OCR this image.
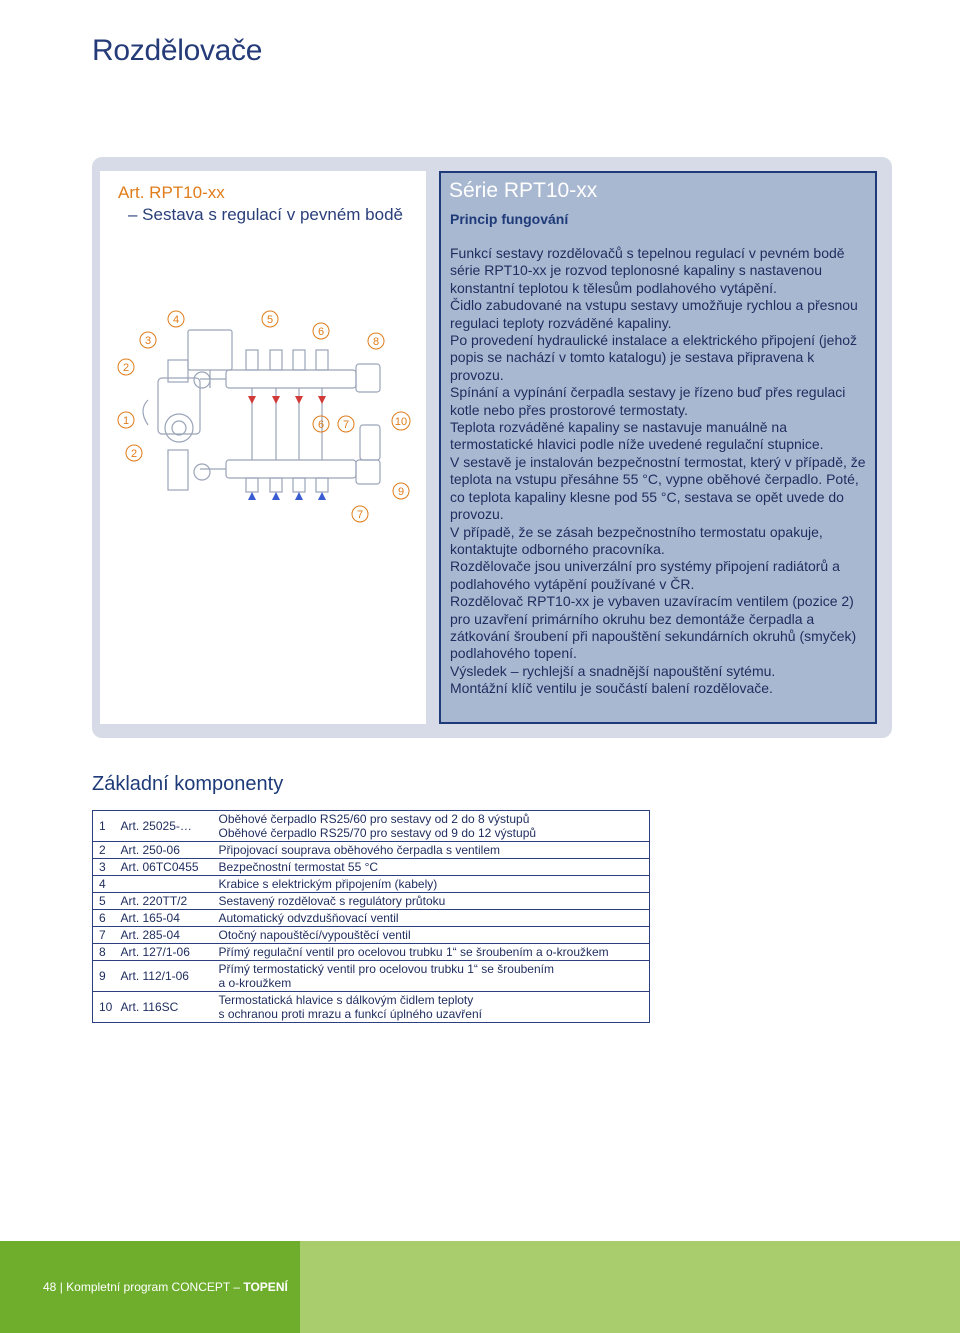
Rozdělovače
Art. RPT10-xx
– Sestava s regulací v pevném bodě
1
2
2
3
4	5
6
6 7
7
8
9
10
Série RPT10-xx
Princip fungování

Funkcí sestavy rozdělovačů s tepelnou regulací v pevném bodě série RPT10-xx je rozvod teplonosné kapaliny s nastavenou konstantní teplotou k tělesům podlahového vytápění.

Čidlo zabudované na vstupu sestavy umožňuje rychlou a přesnou regulaci teploty rozváděné kapaliny.

Po provedení hydraulické instalace a elektrického připojení (jehož popis se nachází v tomto katalogu) je sestava připravena k provozu.

Spínání a vypínání čerpadla sestavy je řízeno buď přes regulaci kotle nebo přes prostorové termostaty.

Teplota rozváděné kapaliny se nastavuje manuálně na termostatické hlavici podle níže uvedené regulační stupnice.

V sestavě je instalován bezpečnostní termostat, který v případě, že teplota na vstupu přesáhne 55 °C, vypne oběhové čerpadlo. Poté, co teplota kapaliny klesne pod 55 °C, sestava se opět uvede do provozu.

V případě, že se zásah bezpečnostního termostatu opakuje, kontaktujte odborného pracovníka.

Rozdělovače jsou univerzální pro systémy připojení radiátorů a podlahového vytápění používané v ČR.

Rozdělovač RPT10-xx je vybaven uzavíracím ventilem (pozice 2) pro uzavření primárního okruhu bez demontáže čerpadla a zátkování šroubení při napouštění sekundárních okruhů (smyček) podlahového topení.

Výsledek – rychlejší a snadnější napouštění sytému.

Montážní klíč ventilu je součástí balení rozdělovače.

Základní komponenty
1	Art. 25025-…	Oběhové čerpadlo RS25/60 pro sestavy od 2 do 8 výstupů
Oběhové čerpadlo RS25/70 pro sestavy od 9 do 12 výstupů

2	Art. 250-06	Připojovací souprava oběhového čerpadla s ventilem
3	Art. 06TC0455	Bezpečnostní termostat 55 °C
4		Krabice s elektrickým připojením (kabely)
5	Art. 220TT/2	Sestavený rozdělovač s regulátory průtoku
6	Art. 165-04	Automatický odvzdušňovací ventil
7	Art. 285-04	Otočný napouštěcí/vypouštěcí ventil
8	Art. 127/1-06	Přímý regulační ventil pro ocelovou trubku 1“ se šroubením a o-kroužkem
9	Art. 112/1-06	Přímý termostatický ventil pro ocelovou trubku 1“ se šroubením
a o-kroužkem

10	Art. 116SC	Termostatická hlavice s dálkovým čidlem teploty
s ochranou proti mrazu a funkcí úplného uzavření
48 | Kompletní program CONCEPT – TOPENÍ
